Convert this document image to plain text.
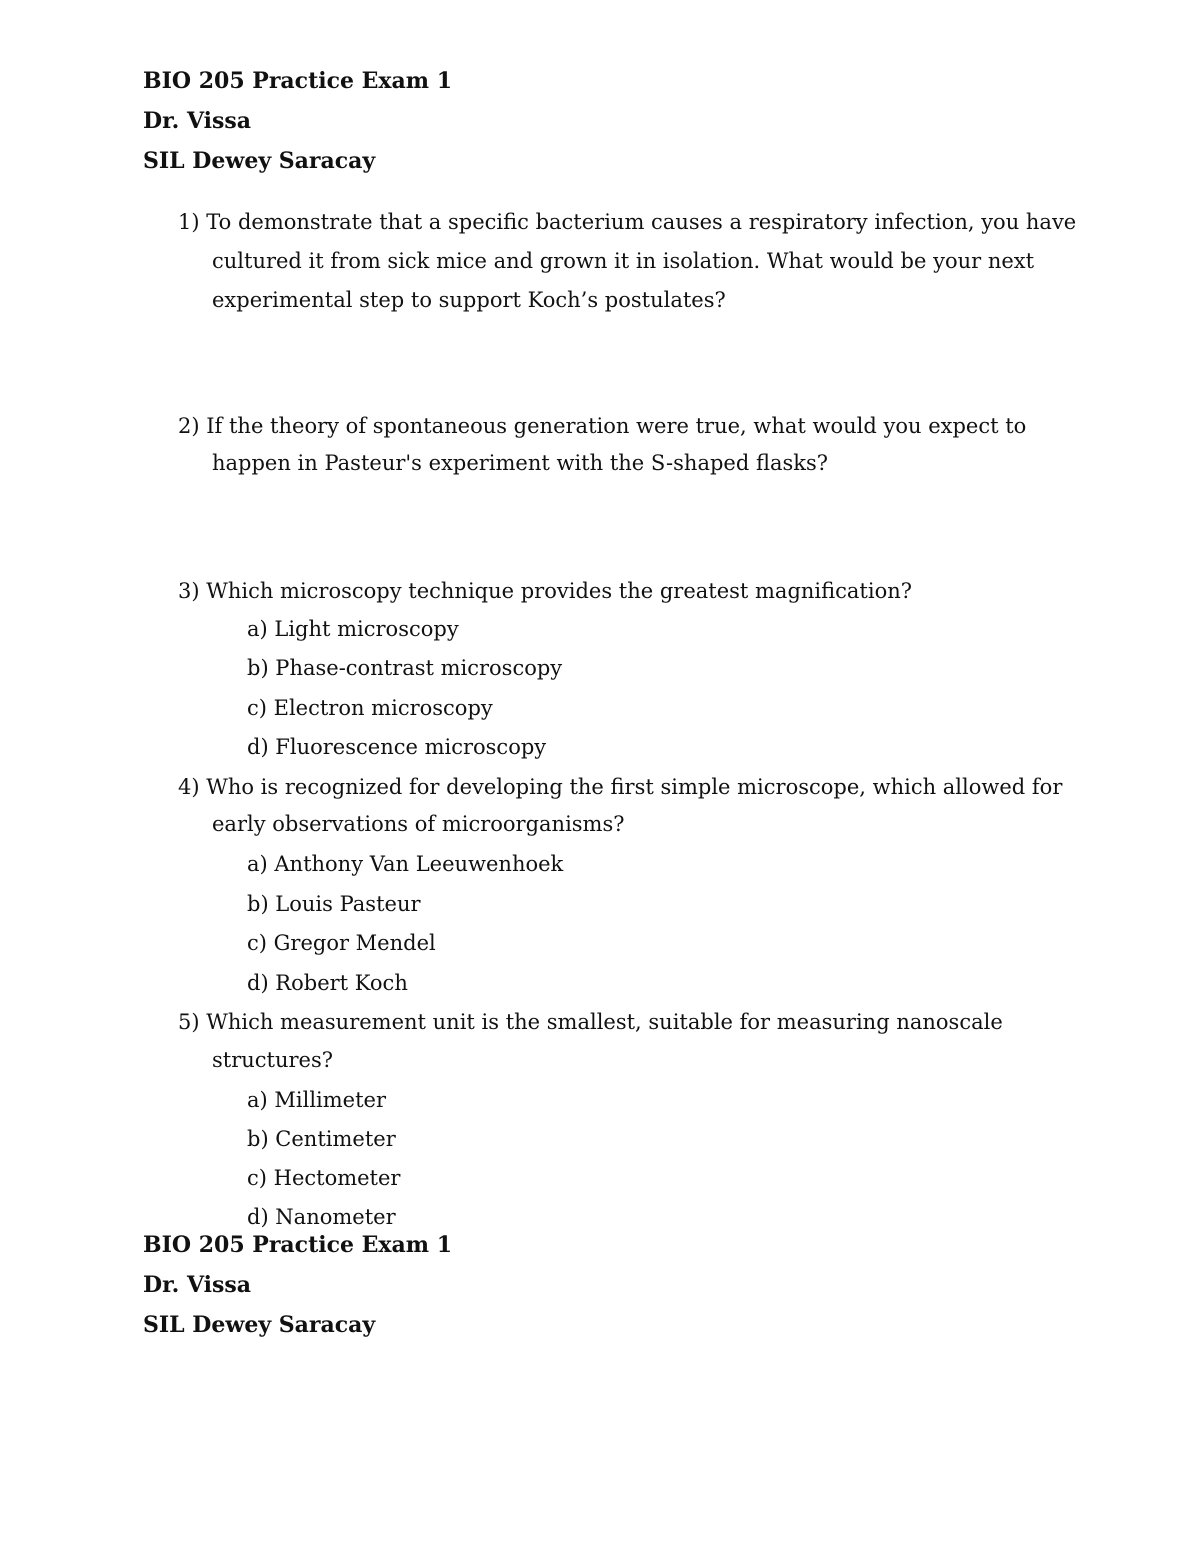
BIO 205 Practice Exam 1
Dr. Vissa
SIL Dewey Saracay
1) To demonstrate that a specific bacterium causes a respiratory infection, you have
cultured it from sick mice and grown it in isolation. What would be your next
experimental step to support Koch’s postulates?
2) If the theory of spontaneous generation were true, what would you expect to
happen in Pasteur's experiment with the S-shaped flasks?
3) Which microscopy technique provides the greatest magnification?
a) Light microscopy
b) Phase-contrast microscopy
c) Electron microscopy
d) Fluorescence microscopy
4) Who is recognized for developing the first simple microscope, which allowed for
early observations of microorganisms?
a) Anthony Van Leeuwenhoek
b) Louis Pasteur
c) Gregor Mendel
d) Robert Koch
5) Which measurement unit is the smallest, suitable for measuring nanoscale
structures?
a) Millimeter
b) Centimeter
c) Hectometer
d) Nanometer
BIO 205 Practice Exam 1
Dr. Vissa
SIL Dewey Saracay
